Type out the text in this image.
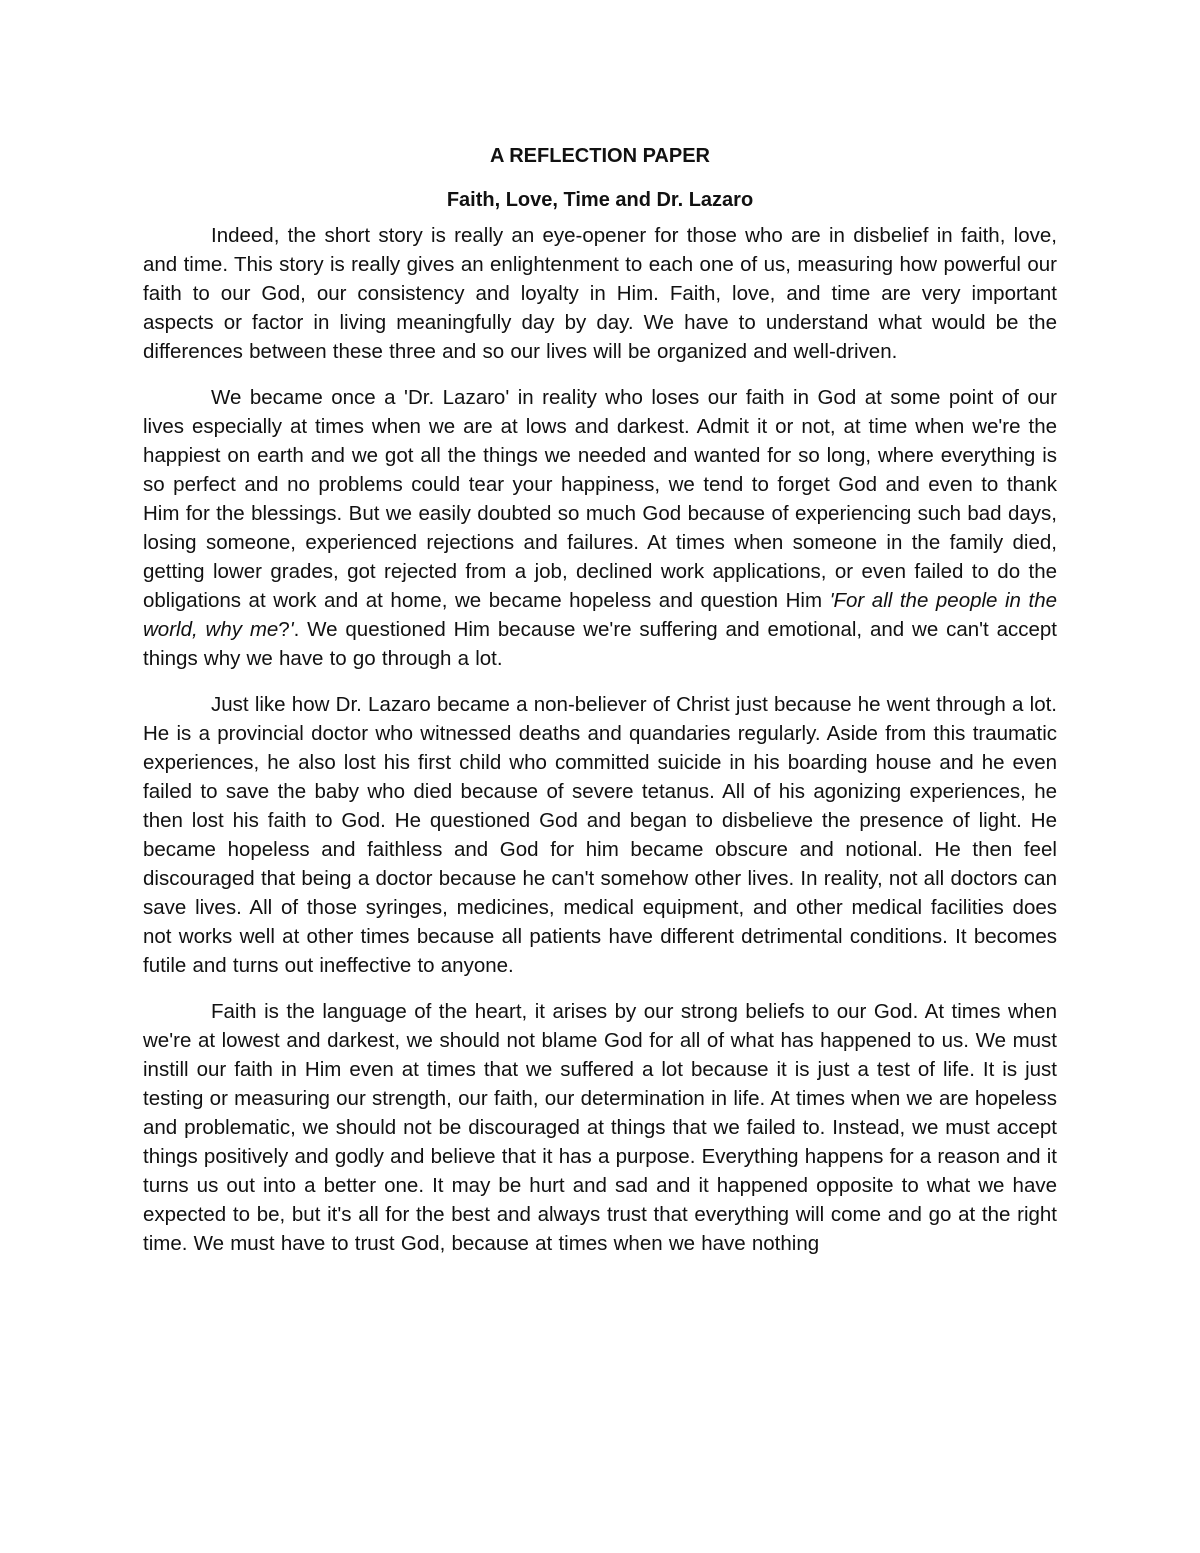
A REFLECTION PAPER
Faith, Love, Time and Dr. Lazaro

Indeed, the short story is really an eye-opener for those who are in disbelief in faith, love, and time. This story is really gives an enlightenment to each one of us, measuring how powerful our faith to our God, our consistency and loyalty in Him. Faith, love, and time are very important aspects or factor in living meaningfully day by day. We have to understand what would be the differences between these three and so our lives will be organized and well-driven.

We became once a 'Dr. Lazaro' in reality who loses our faith in God at some point of our lives especially at times when we are at lows and darkest. Admit it or not, at time when we're the happiest on earth and we got all the things we needed and wanted for so long, where everything is so perfect and no problems could tear your happiness, we tend to forget God and even to thank Him for the blessings. But we easily doubted so much God because of experiencing such bad days, losing someone, experienced rejections and failures. At times when someone in the family died, getting lower grades, got rejected from a job, declined work applications, or even failed to do the obligations at work and at home, we became hopeless and question Him 'For all the people in the world, why me?'. We questioned Him because we're suffering and emotional, and we can't accept things why we have to go through a lot.

Just like how Dr. Lazaro became a non-believer of Christ just because he went through a lot. He is a provincial doctor who witnessed deaths and quandaries regularly. Aside from this traumatic experiences, he also lost his first child who committed suicide in his boarding house and he even failed to save the baby who died because of severe tetanus. All of his agonizing experiences, he then lost his faith to God. He questioned God and began to disbelieve the presence of light. He became hopeless and faithless and God for him became obscure and notional. He then feel discouraged that being a doctor because he can't somehow other lives. In reality, not all doctors can save lives. All of those syringes, medicines, medical equipment, and other medical facilities does not works well at other times because all patients have different detrimental conditions. It becomes futile and turns out ineffective to anyone.

Faith is the language of the heart, it arises by our strong beliefs to our God. At times when we're at lowest and darkest, we should not blame God for all of what has happened to us. We must instill our faith in Him even at times that we suffered a lot because it is just a test of life. It is just testing or measuring our strength, our faith, our determination in life. At times when we are hopeless and problematic, we should not be discouraged at things that we failed to. Instead, we must accept things positively and godly and believe that it has a purpose. Everything happens for a reason and it turns us out into a better one. It may be hurt and sad and it happened opposite to what we have expected to be, but it's all for the best and always trust that everything will come and go at the right time. We must have to trust God, because at times when we have nothing
